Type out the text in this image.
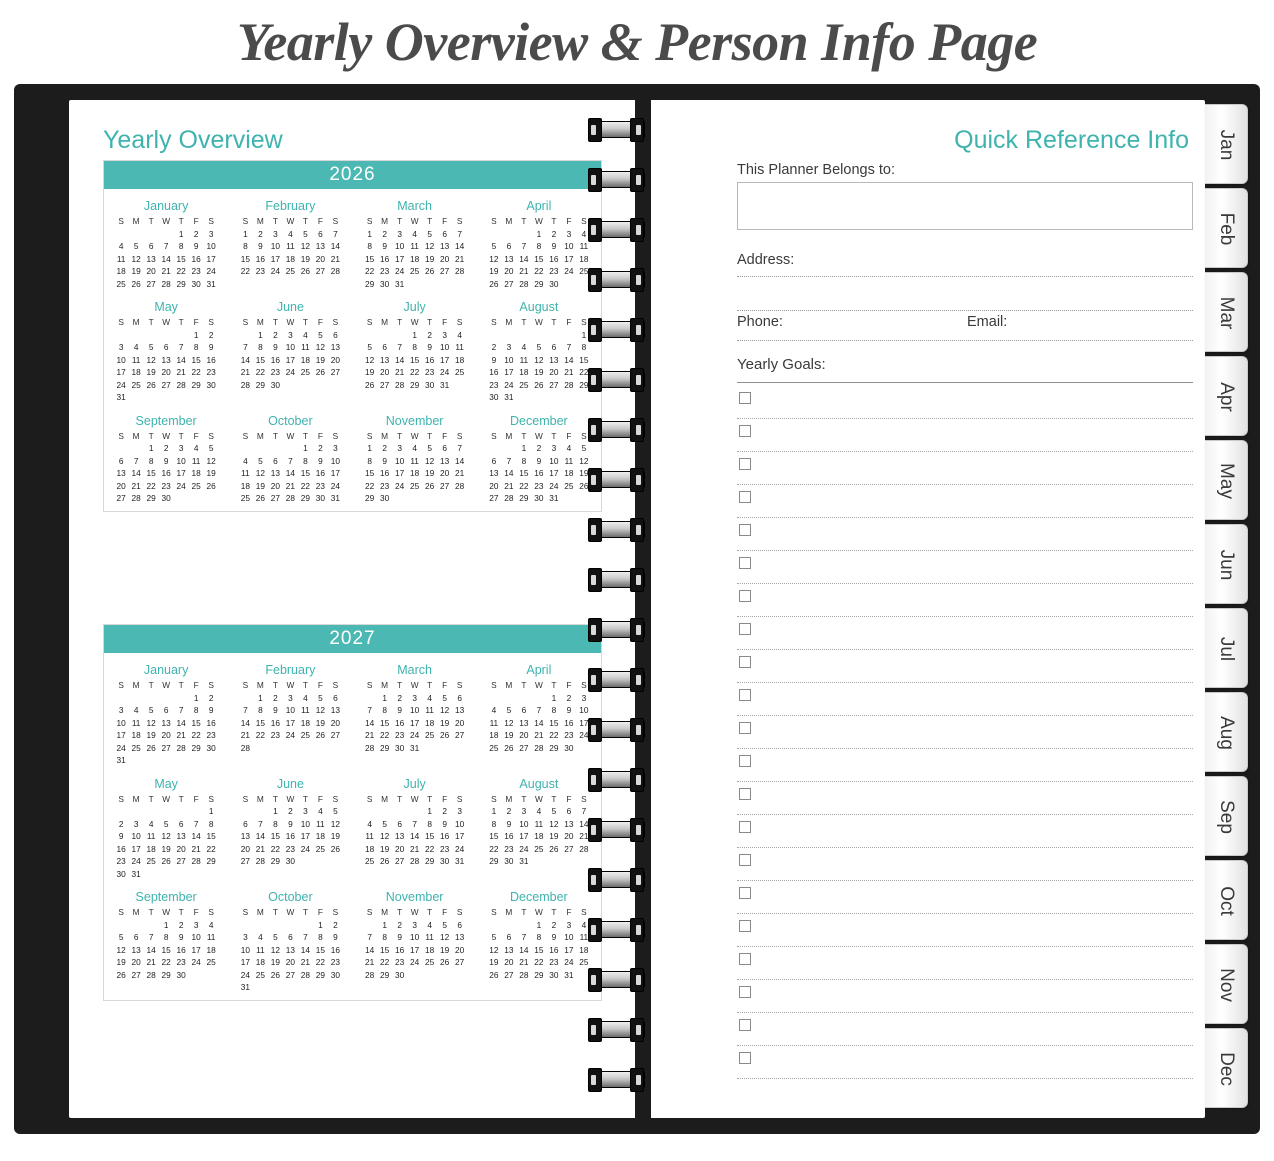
Yearly Overview & Person Info Page
Yearly Overview
2026
January
S	M	T	W	T	F	S
				1	2	3
4	5	6	7	8	9	10
11	12	13	14	15	16	17
18	19	20	21	22	23	24
25	26	27	28	29	30	31
February
S	M	T	W	T	F	S
1	2	3	4	5	6	7
8	9	10	11	12	13	14
15	16	17	18	19	20	21
22	23	24	25	26	27	28
March
S	M	T	W	T	F	S
1	2	3	4	5	6	7
8	9	10	11	12	13	14
15	16	17	18	19	20	21
22	23	24	25	26	27	28
29	30	31				
April
S	M	T	W	T	F	S
			1	2	3	4
5	6	7	8	9	10	11
12	13	14	15	16	17	18
19	20	21	22	23	24	25
26	27	28	29	30		
May
S	M	T	W	T	F	S
					1	2
3	4	5	6	7	8	9
10	11	12	13	14	15	16
17	18	19	20	21	22	23
24	25	26	27	28	29	30
31						
June
S	M	T	W	T	F	S
	1	2	3	4	5	6
7	8	9	10	11	12	13
14	15	16	17	18	19	20
21	22	23	24	25	26	27
28	29	30				
July
S	M	T	W	T	F	S
			1	2	3	4
5	6	7	8	9	10	11
12	13	14	15	16	17	18
19	20	21	22	23	24	25
26	27	28	29	30	31	
August
S	M	T	W	T	F	S
						1
2	3	4	5	6	7	8
9	10	11	12	13	14	15
16	17	18	19	20	21	22
23	24	25	26	27	28	29
30	31					
September
S	M	T	W	T	F	S
		1	2	3	4	5
6	7	8	9	10	11	12
13	14	15	16	17	18	19
20	21	22	23	24	25	26
27	28	29	30			
October
S	M	T	W	T	F	S
				1	2	3
4	5	6	7	8	9	10
11	12	13	14	15	16	17
18	19	20	21	22	23	24
25	26	27	28	29	30	31
November
S	M	T	W	T	F	S
1	2	3	4	5	6	7
8	9	10	11	12	13	14
15	16	17	18	19	20	21
22	23	24	25	26	27	28
29	30					
December
S	M	T	W	T	F	S
		1	2	3	4	5
6	7	8	9	10	11	12
13	14	15	16	17	18	19
20	21	22	23	24	25	26
27	28	29	30	31		
2027
January
S	M	T	W	T	F	S
					1	2
3	4	5	6	7	8	9
10	11	12	13	14	15	16
17	18	19	20	21	22	23
24	25	26	27	28	29	30
31						
February
S	M	T	W	T	F	S
	1	2	3	4	5	6
7	8	9	10	11	12	13
14	15	16	17	18	19	20
21	22	23	24	25	26	27
28						
March
S	M	T	W	T	F	S
	1	2	3	4	5	6
7	8	9	10	11	12	13
14	15	16	17	18	19	20
21	22	23	24	25	26	27
28	29	30	31			
April
S	M	T	W	T	F	S
				1	2	3
4	5	6	7	8	9	10
11	12	13	14	15	16	17
18	19	20	21	22	23	24
25	26	27	28	29	30	
May
S	M	T	W	T	F	S
						1
2	3	4	5	6	7	8
9	10	11	12	13	14	15
16	17	18	19	20	21	22
23	24	25	26	27	28	29
30	31					
June
S	M	T	W	T	F	S
		1	2	3	4	5
6	7	8	9	10	11	12
13	14	15	16	17	18	19
20	21	22	23	24	25	26
27	28	29	30			
July
S	M	T	W	T	F	S
				1	2	3
4	5	6	7	8	9	10
11	12	13	14	15	16	17
18	19	20	21	22	23	24
25	26	27	28	29	30	31
August
S	M	T	W	T	F	S
1	2	3	4	5	6	7
8	9	10	11	12	13	14
15	16	17	18	19	20	21
22	23	24	25	26	27	28
29	30	31				
September
S	M	T	W	T	F	S
			1	2	3	4
5	6	7	8	9	10	11
12	13	14	15	16	17	18
19	20	21	22	23	24	25
26	27	28	29	30		
October
S	M	T	W	T	F	S
					1	2
3	4	5	6	7	8	9
10	11	12	13	14	15	16
17	18	19	20	21	22	23
24	25	26	27	28	29	30
31						
November
S	M	T	W	T	F	S
	1	2	3	4	5	6
7	8	9	10	11	12	13
14	15	16	17	18	19	20
21	22	23	24	25	26	27
28	29	30				
December
S	M	T	W	T	F	S
			1	2	3	4
5	6	7	8	9	10	11
12	13	14	15	16	17	18
19	20	21	22	23	24	25
26	27	28	29	30	31	
Quick Reference Info
This Planner Belongs to:
Address:
Phone:	Email:
Yearly Goals:
Jan
Feb
Mar
Apr
May
Jun
Jul
Aug
Sep
Oct
Nov
Dec
